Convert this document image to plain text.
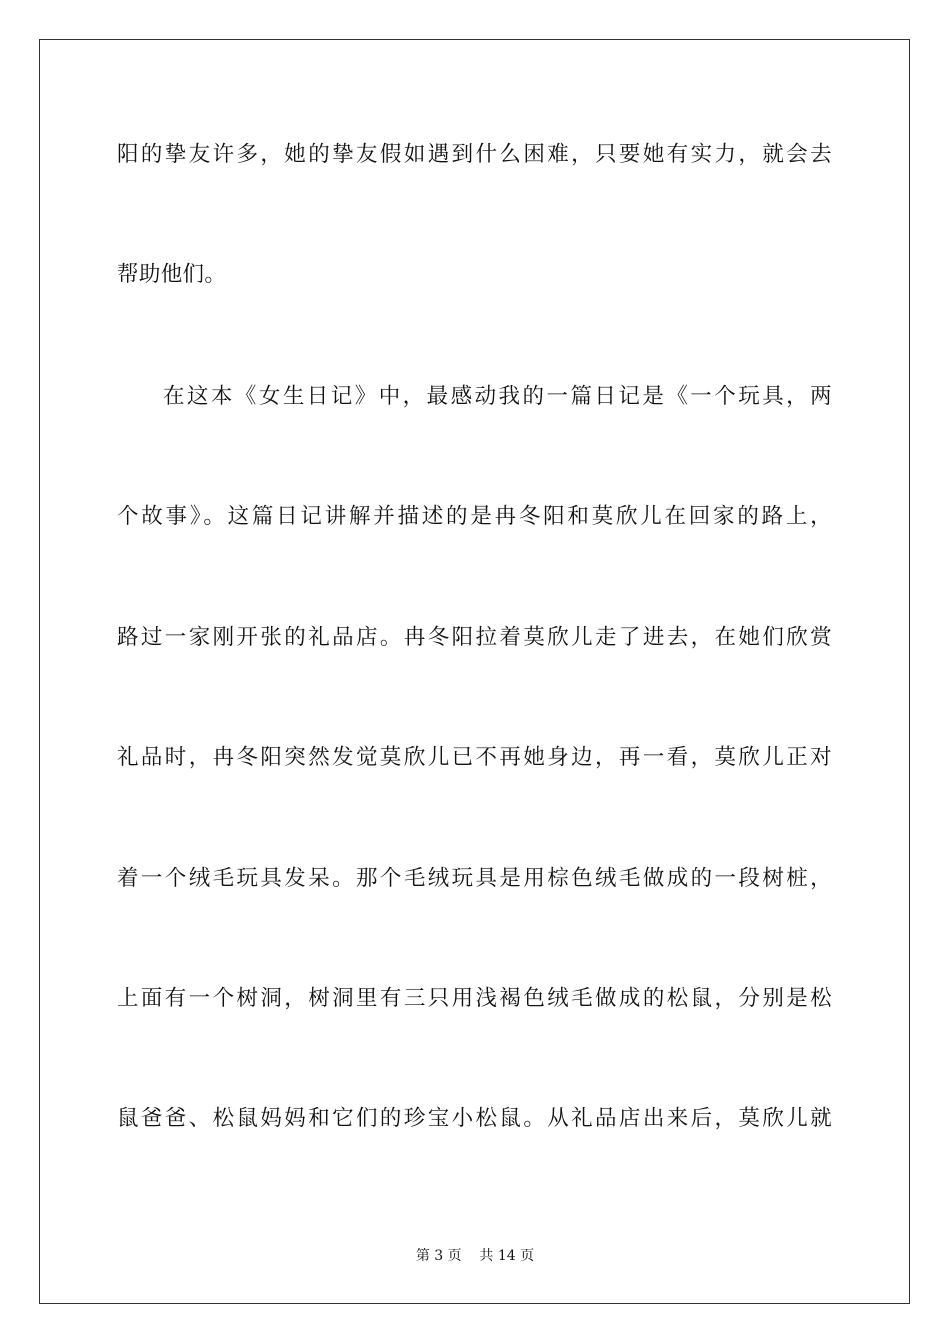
阳的挚友许多，她的挚友假如遇到什么困难，只要她有实力，就会去
帮助他们。
在这本《女生日记》中，最感动我的一篇日记是《一个玩具，两
个故事》。这篇日记讲解并描述的是冉冬阳和莫欣儿在回家的路上，
路过一家刚开张的礼品店。冉冬阳拉着莫欣儿走了进去，在她们欣赏
礼品时，冉冬阳突然发觉莫欣儿已不再她身边，再一看，莫欣儿正对
着一个绒毛玩具发呆。那个毛绒玩具是用棕色绒毛做成的一段树桩，
上面有一个树洞，树洞里有三只用浅褐色绒毛做成的松鼠，分别是松
鼠爸爸、松鼠妈妈和它们的珍宝小松鼠。从礼品店出来后，莫欣儿就
第 3 页    共 14 页
